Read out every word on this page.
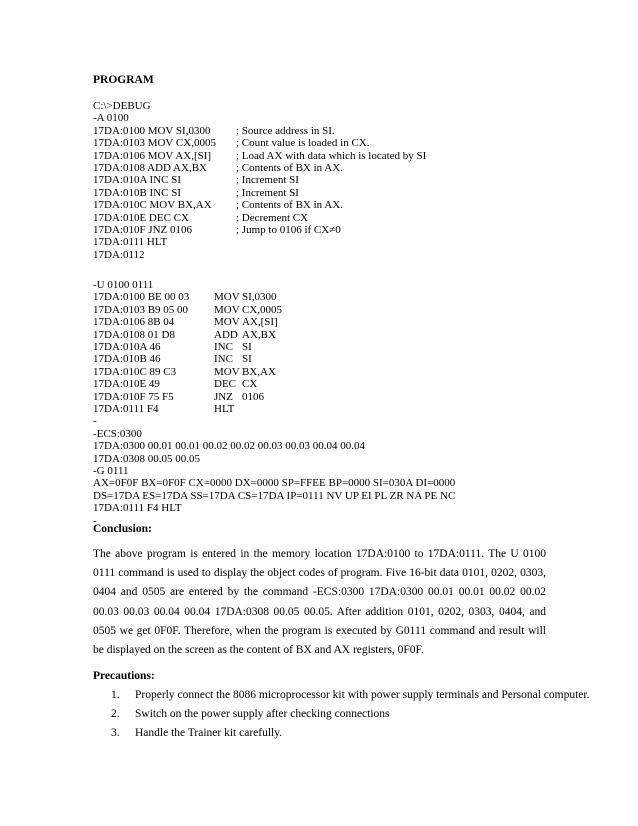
PROGRAM
C:\>DEBUG
-A 0100
17DA:0100 MOV SI,0300 ; Source address in SI.
17DA:0103 MOV CX,0005 ; Count value is loaded in CX.
17DA:0106 MOV AX,[SI] ; Load AX with data which is located by SI
17DA:0108 ADD AX,BX	; Contents of BX in AX.
17DA:010A INC SI	; Increment SI
17DA:010B INC SI	; Increment SI
17DA:010C MOV BX,AX ; Contents of BX in AX.
17DA:010E DEC CX	; Decrement CX
17DA:010F JNZ 0106	; Jump to 0106 if CX≠0
17DA:0111 HLT
17DA:0112
-U 0100 0111
17DA:0100 BE 00 03 MOV SI,0300
17DA:0103 B9 05 00 MOV CX,0005
17DA:0106 8B 04	MOV AX,[SI]
17DA:0108 01 D8	ADD AX,BX
17DA:010A 46	INC SI
17DA:010B 46	INC SI
17DA:010C 89 C3	MOV BX,AX
17DA:010E 49	DEC CX
17DA:010F 75 F5	JNZ 0106
17DA:0111 F4	HLT
-
-ECS:0300
17DA:0300 00.01 00.01 00.02 00.02 00.03 00.03 00.04 00.04
17DA:0308 00.05 00.05
-G 0111
AX=0F0F BX=0F0F CX=0000 DX=0000 SP=FFEE BP=0000 SI=030A DI=0000
DS=17DA ES=17DA SS=17DA CS=17DA IP=0111 NV UP EI PL ZR NA PE NC
17DA:0111 F4 HLT
-
Conclusion:
The above program is entered in the memory location 17DA:0100 to 17DA:0111. The U 0100 0111 command is used to display the object codes of program. Five 16-bit data 0101, 0202, 0303, 0404 and 0505 are entered by the command -ECS:0300 17DA:0300 00.01 00.01 00.02 00.02 00.03 00.03 00.04 00.04 17DA:0308 00.05 00.05. After addition 0101, 0202, 0303, 0404, and 0505 we get 0F0F. Therefore, when the program is executed by G0111 command and result will be displayed on the screen as the content of BX and AX registers, 0F0F.
Precautions:
1. Properly connect the 8086 microprocessor kit with power supply terminals and Personal computer.
2. Switch on the power supply after checking connections
3. Handle the Trainer kit carefully.
